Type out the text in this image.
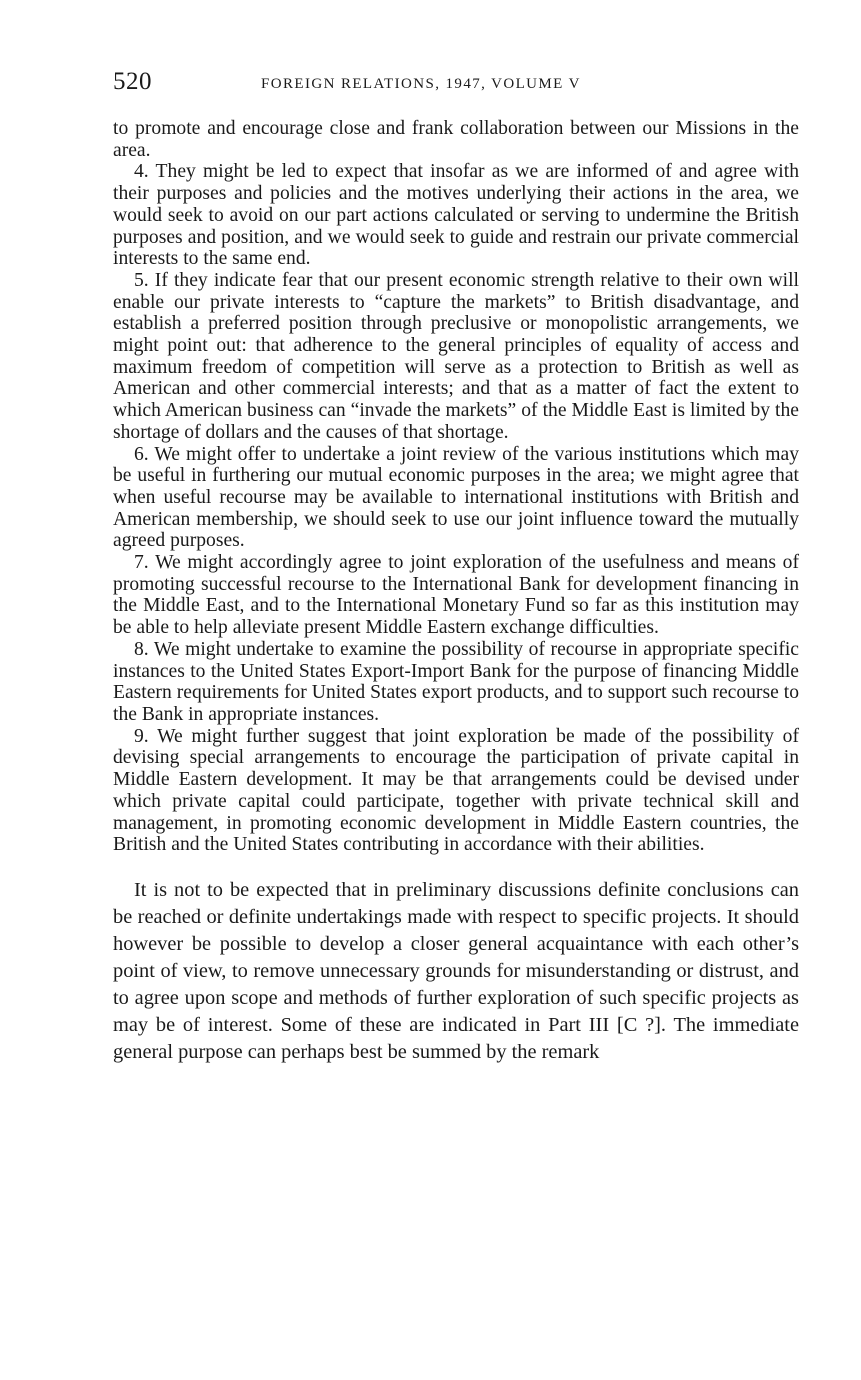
520	FOREIGN RELATIONS, 1947, VOLUME V

to promote and encourage close and frank collaboration between our Missions in the area.

4. They might be led to expect that insofar as we are informed of and agree with their purposes and policies and the motives underlying their actions in the area, we would seek to avoid on our part actions calculated or serving to undermine the British purposes and position, and we would seek to guide and restrain our private commercial interests to the same end.

5. If they indicate fear that our present economic strength relative to their own will enable our private interests to “capture the markets” to British disadvantage, and establish a preferred position through preclusive or monopolistic arrangements, we might point out: that adherence to the general principles of equality of access and maximum freedom of competition will serve as a protection to British as well as American and other commercial interests; and that as a matter of fact the extent to which American business can “invade the markets” of the Middle East is limited by the shortage of dollars and the causes of that shortage.

6. We might offer to undertake a joint review of the various institutions which may be useful in furthering our mutual economic purposes in the area; we might agree that when useful recourse may be available to international institutions with British and American membership, we should seek to use our joint influence toward the mutually agreed purposes.

7. We might accordingly agree to joint exploration of the usefulness and means of promoting successful recourse to the International Bank for development financing in the Middle East, and to the International Monetary Fund so far as this institution may be able to help alleviate present Middle Eastern exchange difficulties.

8. We might undertake to examine the possibility of recourse in appropriate specific instances to the United States Export-Import Bank for the purpose of financing Middle Eastern requirements for United States export products, and to support such recourse to the Bank in appropriate instances.

9. We might further suggest that joint exploration be made of the possibility of devising special arrangements to encourage the participation of private capital in Middle Eastern development. It may be that arrangements could be devised under which private capital could participate, together with private technical skill and management, in promoting economic development in Middle Eastern countries, the British and the United States contributing in accordance with their abilities.

It is not to be expected that in preliminary discussions definite conclusions can be reached or definite undertakings made with respect to specific projects. It should however be possible to develop a closer general acquaintance with each other’s point of view, to remove unnecessary grounds for misunderstanding or distrust, and to agree upon scope and methods of further exploration of such specific projects as may be of interest. Some of these are indicated in Part III [C ?]. The immediate general purpose can perhaps best be summed by the remark
